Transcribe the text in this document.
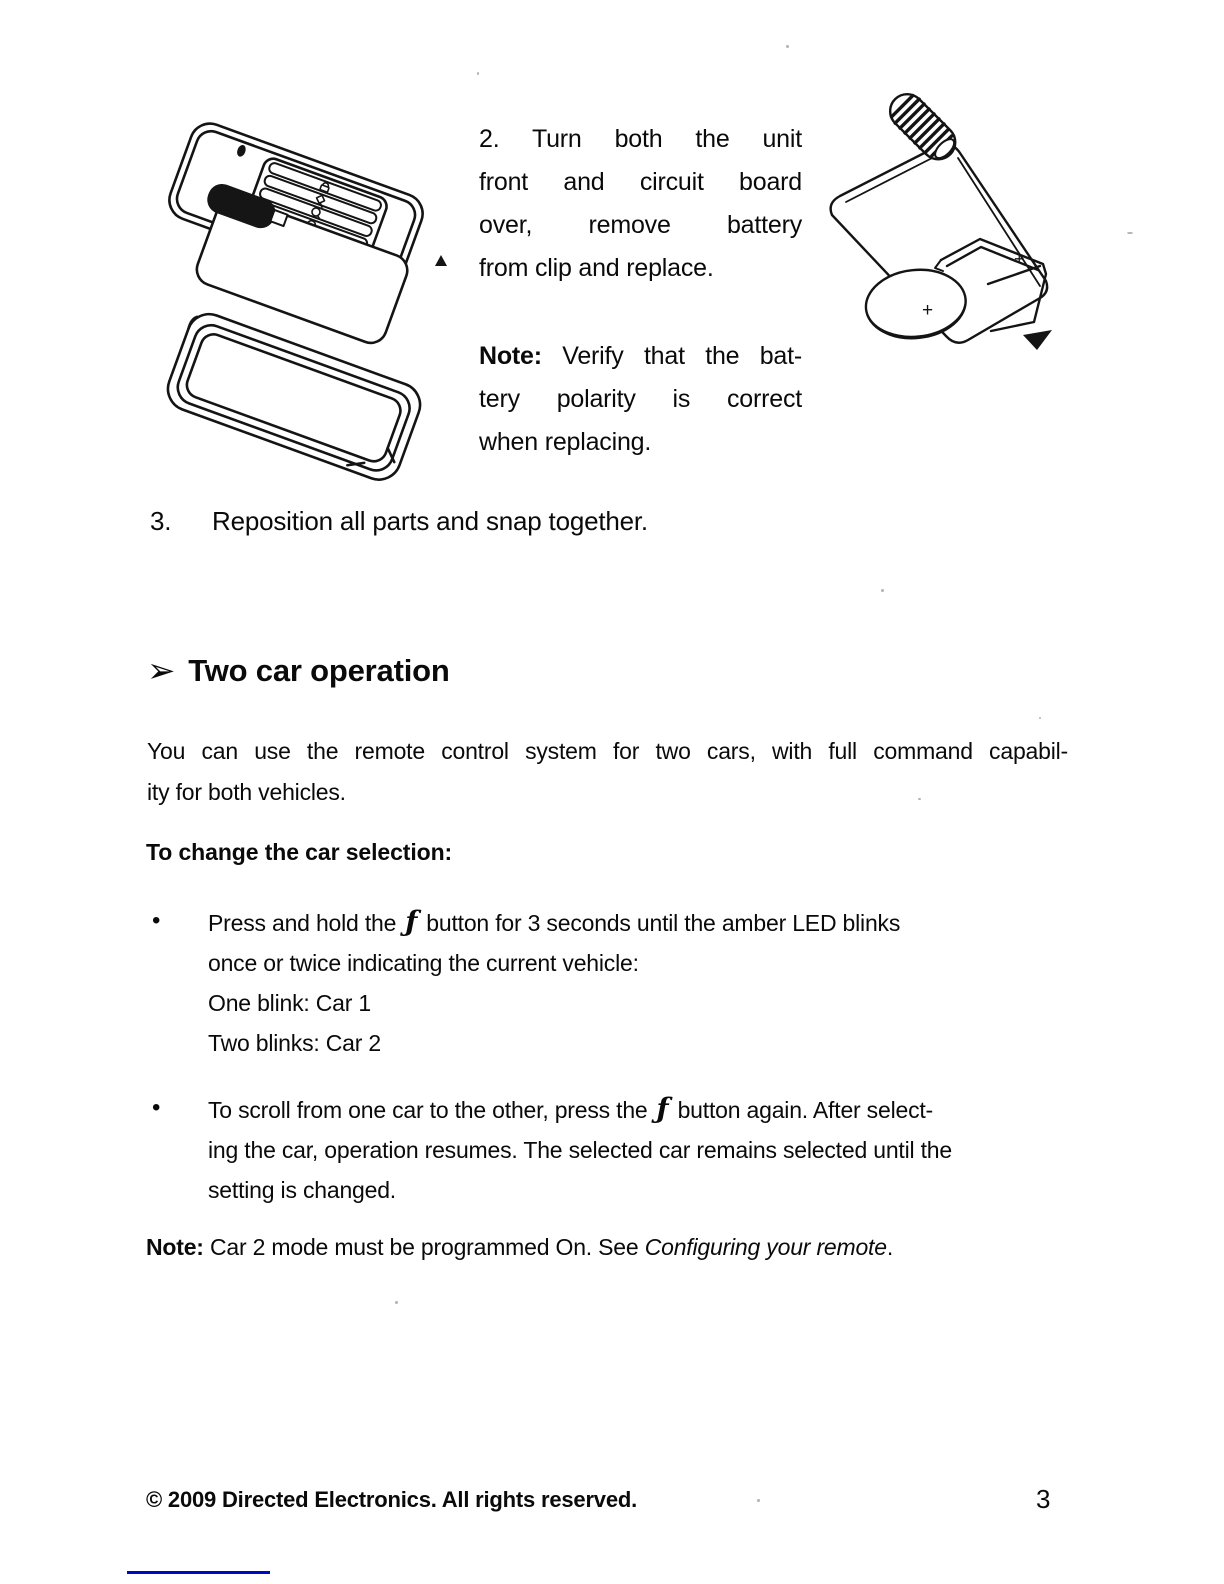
+
+
2. Turn both the unit
front and circuit board
over, remove battery
from clip and replace.
Note: Verify that the bat-
tery polarity is correct
when replacing.
3. Reposition all parts and snap together.
➢ Two car operation
You can use the remote control system for two cars, with full command capabil-
ity for both vehicles.
To change the car selection:
• Press and hold the ƒ button for 3 seconds until the amber LED blinks
once or twice indicating the current vehicle:
One blink: Car 1
Two blinks: Car 2
• To scroll from one car to the other, press the ƒ button again. After select-
ing the car, operation resumes. The selected car remains selected until the
setting is changed.
Note: Car 2 mode must be programmed On. See Configuring your remote.
© 2009 Directed Electronics. All rights reserved.	3
